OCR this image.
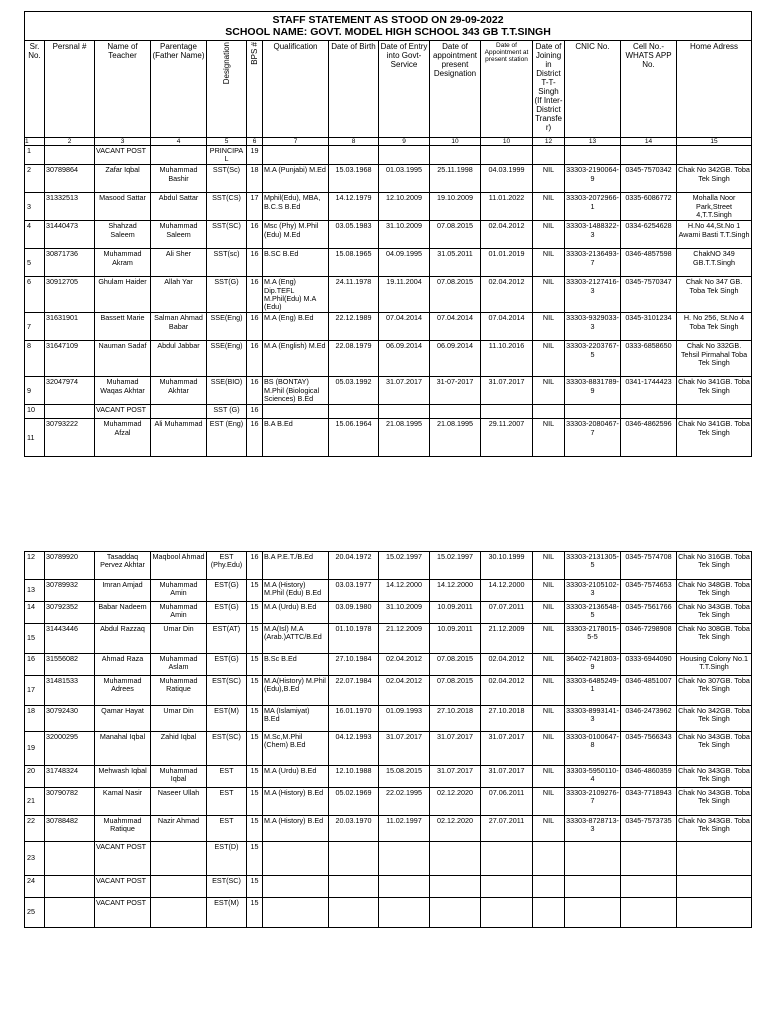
STAFF STATEMENT AS STOOD ON 29-09-2022
SCHOOL NAME: GOVT. MODEL HIGH SCHOOL 343 GB T.T.SINGH														

Sr. No.	Persnal #	Name of Teacher	Parentage (Father Name)	Designation	BPS #	Qualification	Date of Birth	Date of Entry into Govt-Service	Date of appointment present Designation	Date of Appointment at present station	Date of Joining in District T-T-Singh (If Inter-District Transfer)	CNIC No.	Cell No.- WHATS APP No.	Home Adress
1	2	3	4	5	6	7	8	9	10	10	12	13	14	15
1		VACANT POST		PRINCIPAL	19									
2	30789864	Zafar Iqbal	Muhammad Bashir	SST(Sc)	18	M.A (Punjabi) M.Ed	15.03.1968	01.03.1995	25.11.1998	04.03.1999	NIL	33303-2190064-9	0345-7570342	Chak No 342GB. Toba Tek Singh
3	31332513	Masood Sattar	Abdul Sattar	SST(CS)	17	Mphil(Edu), MBA, B.C.S B.Ed	14.12.1979	12.10.2009	19.10.2009	11.01.2022	NIL	33303-2072966-1	0335-6086772	Mohalla Noor Park,Street 4,T.T.Singh
4	31440473	Shahzad Saleem	Muhammad Saleem	SST(SC)	16	Msc (Phy) M.Phil (Edu) M.Ed	03.05.1983	31.10.2009	07.08.2015	02.04.2012	NIL	33303-1488322-3	0334-6254628	H.No 44,St.No 1 Awami Basti T.T.Singh
5	30871736	Muhammad Akram	Ali Sher	SST(sc)	16	B.SC B.Ed	15.08.1965	04.09.1995	31.05.2011	01.01.2019	NIL	33303-2136493-7	0346-4857598	ChakNO 349 GB.T.T.Singh
6	30912705	Ghulam Haider	Allah Yar	SST(G)	16	M.A (Eng) Dip.TEFL M.Phil(Edu) M.A (Edu)	24.11.1978	19.11.2004	07.08.2015	02.04.2012	NIL	33303-2127416-3	0345-7570347	Chak No 347 GB. Toba Tek Singh
7	31631901	Bassett Marie	Salman Ahmad Babar	SSE(Eng)	16	M.A (Eng) B.Ed	22.12.1989	07.04.2014	07.04.2014	07.04.2014	NIL	33303-9329033-3	0345-3101234	H. No 256, St.No 4 Toba Tek Singh
8	31647109	Nauman Sadaf	Abdul Jabbar	SSE(Eng)	16	M.A (English) M.Ed	22.08.1979	06.09.2014	06.09.2014	11.10.2016	NIL	33303-2203767-5	0333-6858650	Chak No 332GB. Tehsil Pirmahal Toba Tek Singh
9	32047974	Muhamad Waqas Akhtar	Muhammad Akhtar	SSE(BIO)	16	BS (BONTAY) M.Phil (Biological Sciences) B.Ed	05.03.1992	31.07.2017	31-07-2017	31.07.2017	NIL	33303-8831789-9	0341-1744423	Chak No 341GB. Toba Tek Singh
10		VACANT POST		SST (G)	16									
11	30793222	Muhammad Afzal	Ali Muhammad	EST (Eng)	16	B.A B.Ed	15.06.1964	21.08.1995	21.08.1995	29.11.2007	NIL	33303-2080467-7	0346-4862596	Chak No 341GB. Toba Tek Singh
12	30789920	Tasaddaq Pervez Akhtar	Maqbool Ahmad	EST (Phy.Edu)	16	B.A P.E.T./B.Ed	20.04.1972	15.02.1997	15.02.1997	30.10.1999	NIL	33303-2131305-5	0345-7574708	Chak No 316GB. Toba Tek Singh
13	30789932	Imran Amjad	Muhammad Amin	EST(G)	15	M.A (History) M.Phil (Edu) B.Ed	03.03.1977	14.12.2000	14.12.2000	14.12.2000	NIL	33303-2105102-3	0345-7574653	Chak No 348GB. Toba Tek Singh
14	30792352	Babar Nadeem	Muhammad Amin	EST(G)	15	M.A (Urdu) B.Ed	03.09.1980	31.10.2009	10.09.2011	07.07.2011	NIL	33303-2136548-5	0345-7561766	Chak No 343GB. Toba Tek Singh
15	31443446	Abdul Razzaq	Umar Din	EST(AT)	15	M.A(Isl) M.A (Arab.)ATTC/B.Ed	01.10.1978	21.12.2009	10.09.2011	21.12.2009	NIL	33303-2178015-5-5	0346-7298908	Chak No 308GB. Toba Tek Singh
16	31556082	Ahmad Raza	Muhammad Aslam	EST(G)	15	B.Sc B.Ed	27.10.1984	02.04.2012	07.08.2015	02.04.2012	NIL	36402-7421803-9	0333-6944090	Housing Colony No.1 T.T.Singh
17	31481533	Muhammad Adrees	Muhammad Ratique	EST(SC)	15	M.A(History) M.Phil (Edu),B.Ed	22.07.1984	02.04.2012	07.08.2015	02.04.2012	NIL	33303-6485249-1	0346-4851007	Chak No 307GB. Toba Tek Singh
18	30792430	Qamar Hayat	Umar Din	EST(M)	15	MA (Islamiyat) B.Ed	16.01.1970	01.09.1993	27.10.2018	27.10.2018	NIL	33303-8993141-3	0346-2473962	Chak No 342GB. Toba Tek Singh
19	32000295	Manahal Iqbal	Zahid Iqbal	EST(SC)	15	M.Sc,M.Phil (Chem) B.Ed	04.12.1993	31.07.2017	31.07.2017	31.07.2017	NIL	33303-0100647-8	0345-7566343	Chak No 343GB. Toba Tek Singh
20	31748324	Mehwash Iqbal	Muhammad Iqbal	EST	15	M.A (Urdu) B.Ed	12.10.1988	15.08.2015	31.07.2017	31.07.2017	NIL	33303-5950110-4	0346-4860359	Chak No 343GB. Toba Tek Singh
21	30790782	Kamal Nasir	Naseer Ullah	EST	15	M.A (History) B.Ed	05.02.1969	22.02.1995	02.12.2020	07.06.2011	NIL	33303-2109276-7	0343-7718943	Chak No 343GB. Toba Tek Singh
22	30788482	Muahmmad Ratique	Nazir Ahmad	EST	15	M.A (History) B.Ed	20.03.1970	11.02.1997	02.12.2020	27.07.2011	NIL	33303-8728713-3	0345-7573735	Chak No 343GB. Toba Tek Singh
23		VACANT POST		EST(D)	15									
24		VACANT POST		EST(SC)	15									
25		VACANT POST		EST(M)	15									
